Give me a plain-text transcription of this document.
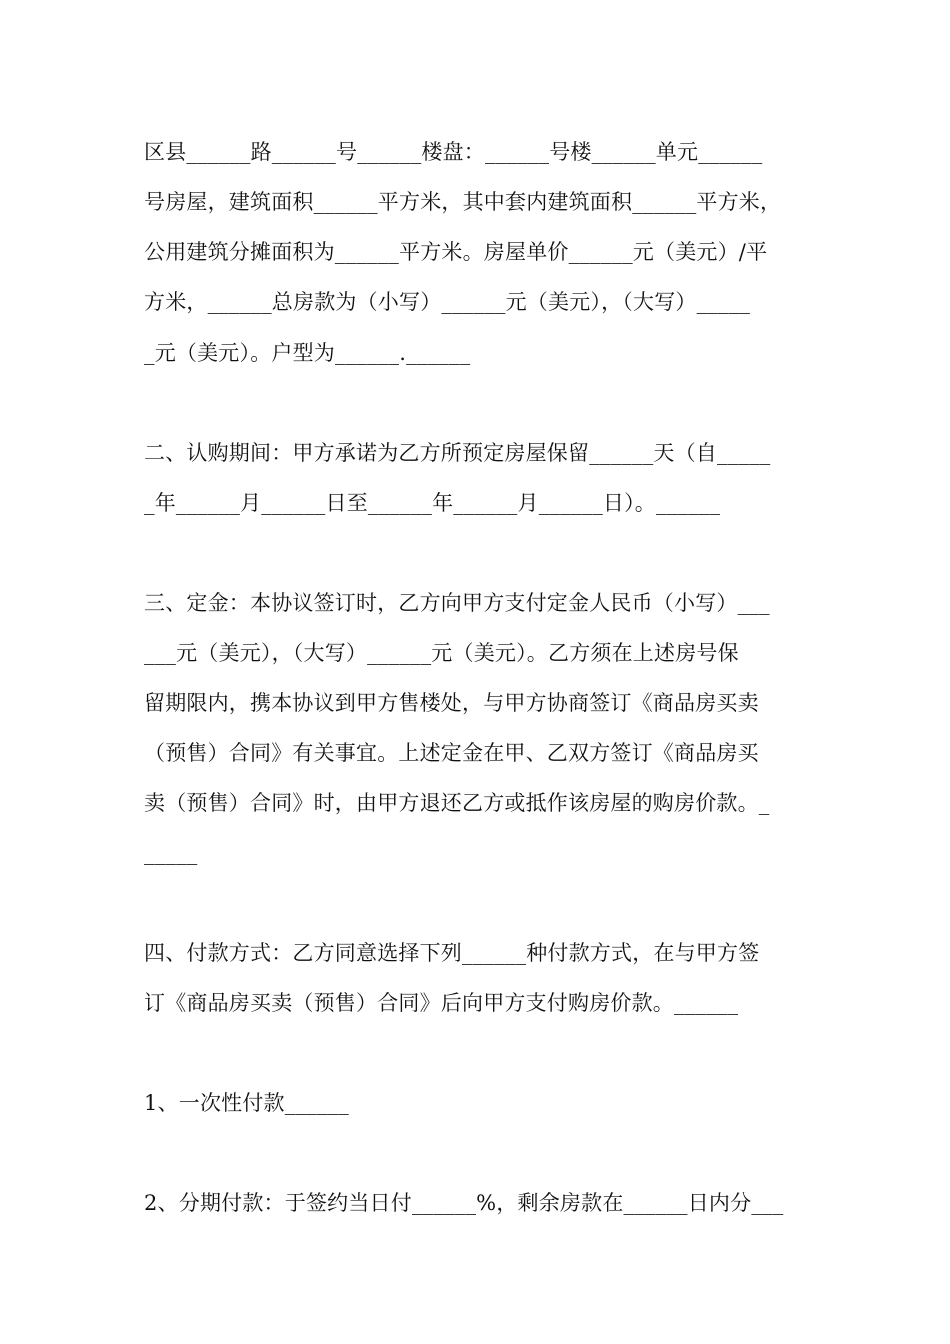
区县______路______号______楼盘：______号楼______单元______
号房屋，建筑面积______平方米，其中套内建筑面积______平方米，
公用建筑分摊面积为______平方米。房屋单价______元（美元）/平
方米，______总房款为（小写）______元（美元），（大写）_____
_元（美元）。户型为______.______
二、认购期间：甲方承诺为乙方所预定房屋保留______天（自_____
_年______月______日至______年______月______日）。______
三、定金：本协议签订时，乙方向甲方支付定金人民币（小写）___
___元（美元），（大写）______元（美元）。乙方须在上述房号保
留期限内，携本协议到甲方售楼处，与甲方协商签订《商品房买卖
（预售）合同》有关事宜。上述定金在甲、乙双方签订《商品房买
卖（预售）合同》时，由甲方退还乙方或抵作该房屋的购房价款。_
_____
四、付款方式：乙方同意选择下列______种付款方式，在与甲方签
订《商品房买卖（预售）合同》后向甲方支付购房价款。______
1、一次性付款______
2、分期付款：于签约当日付______%，剩余房款在______日内分___
